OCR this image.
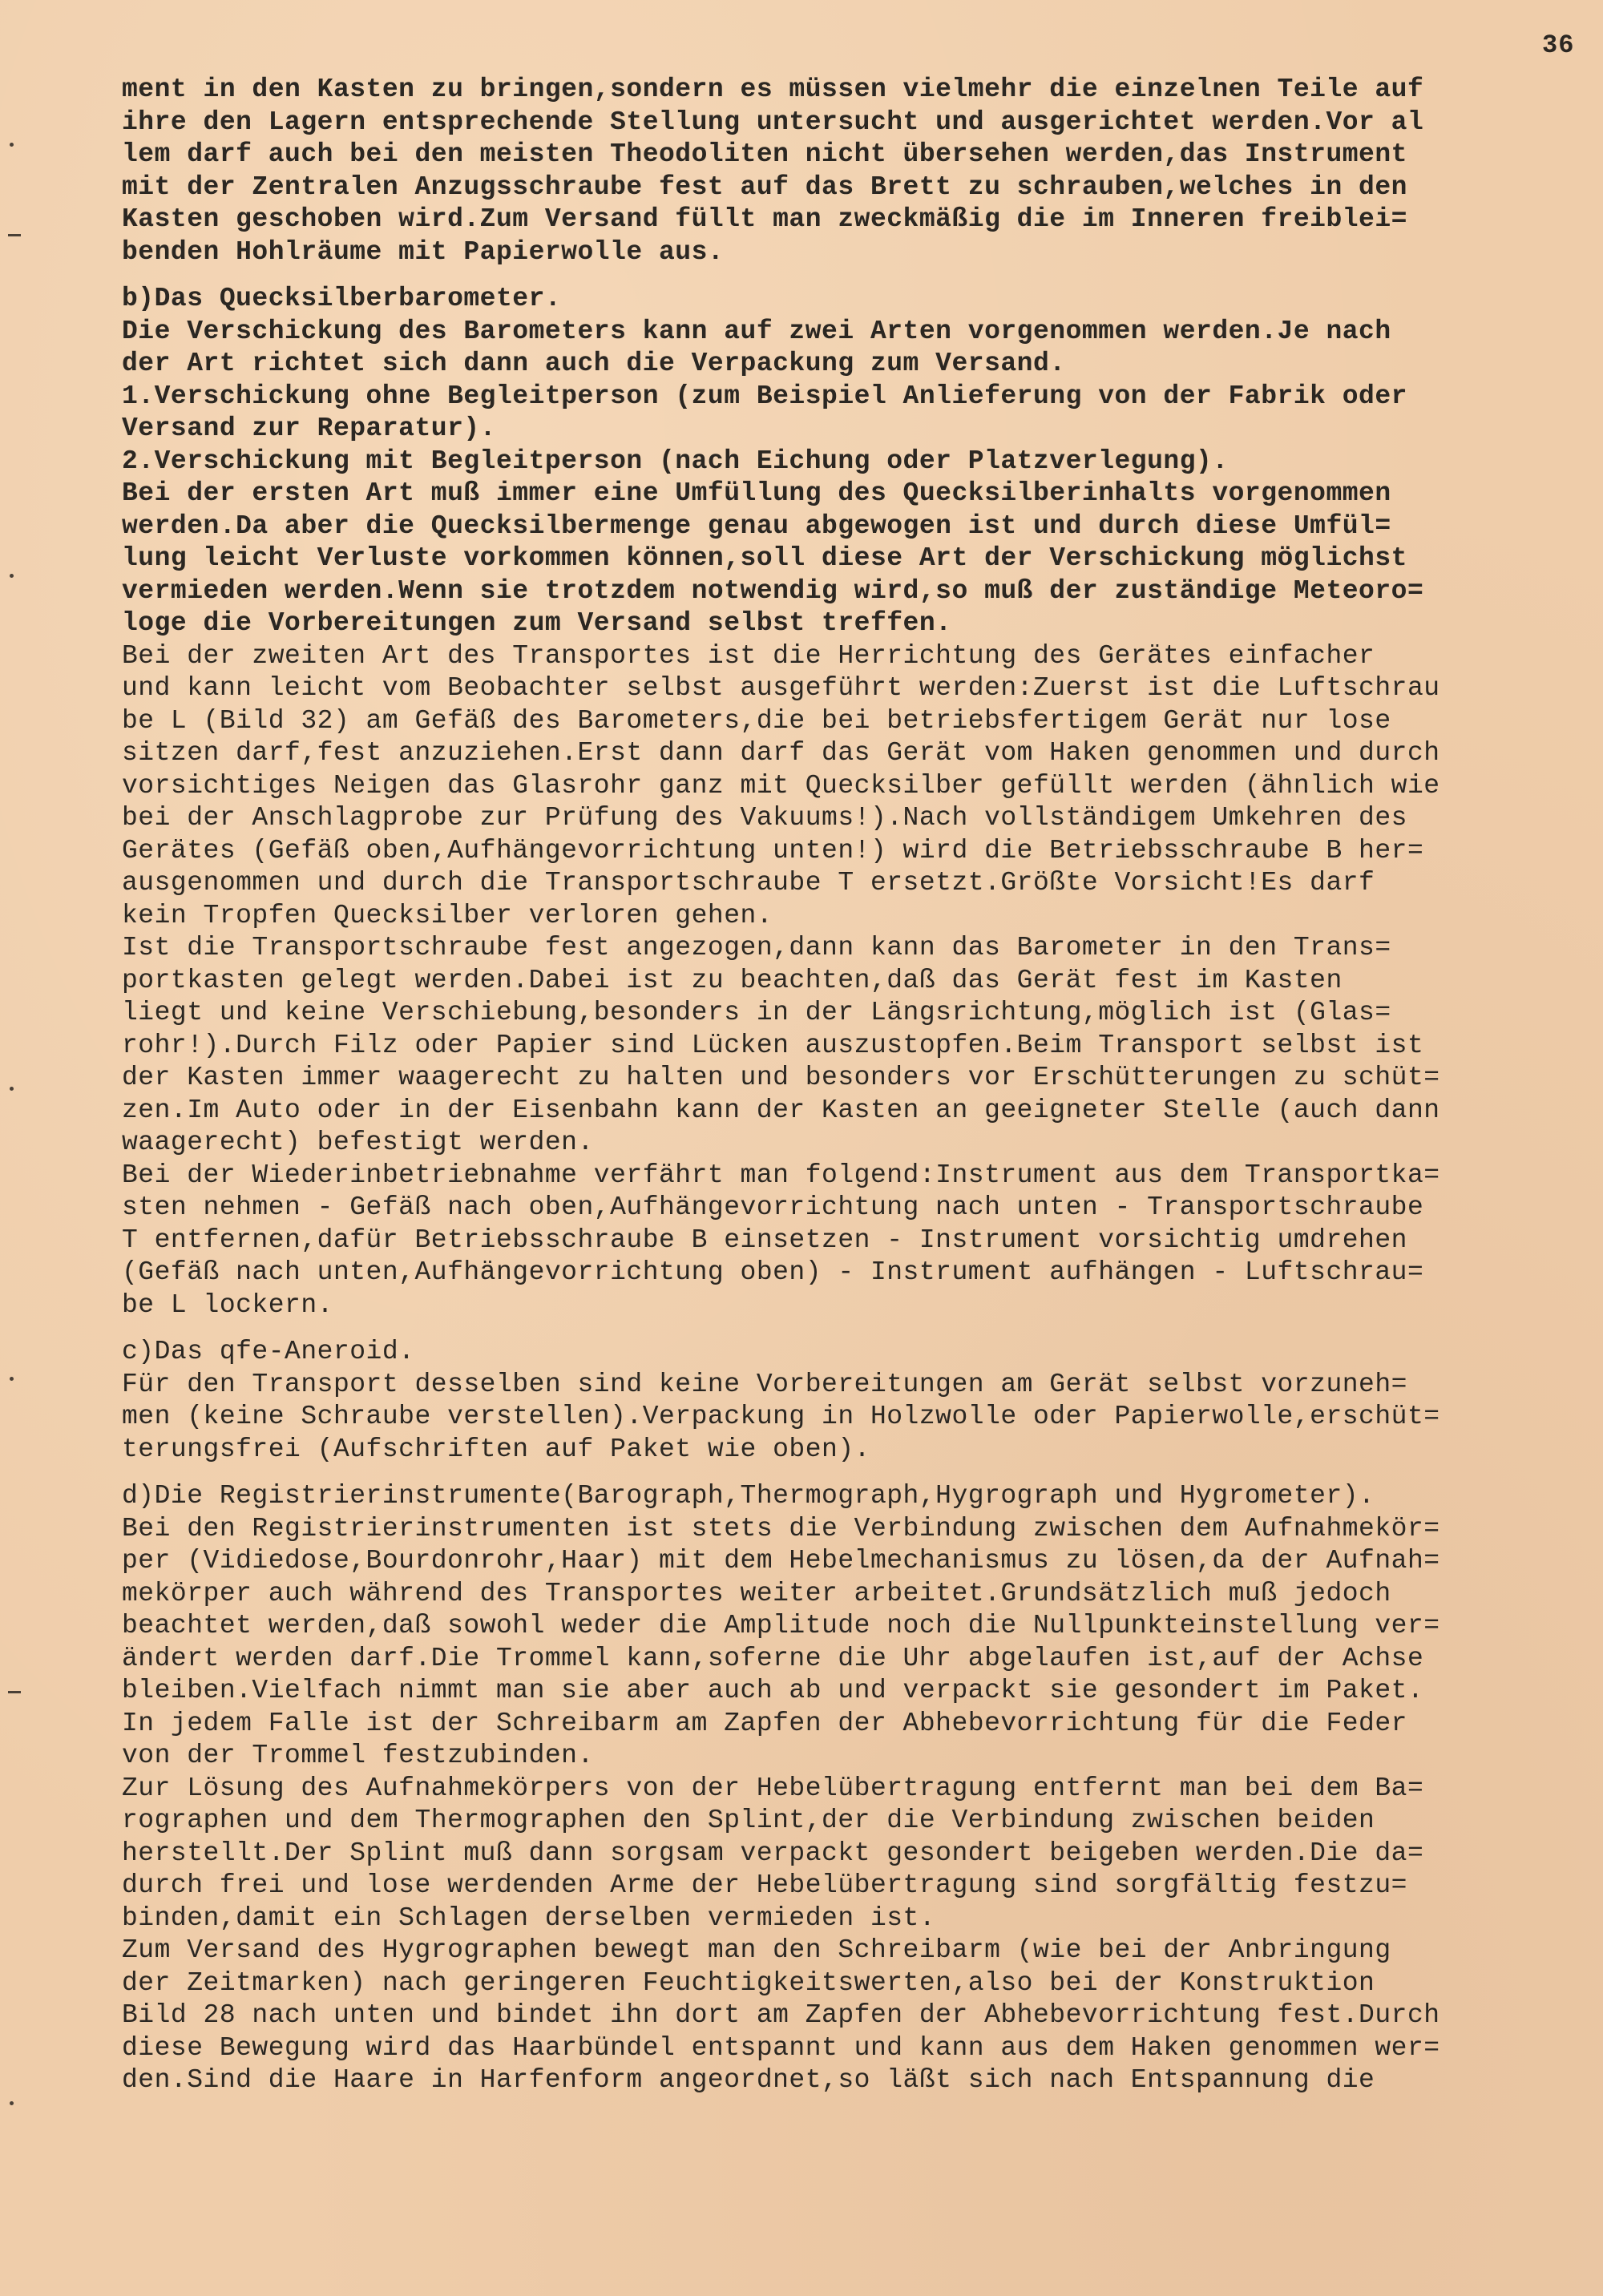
36
ment in den Kasten zu bringen,sondern es müssen vielmehr die einzelnen Teile auf
ihre den Lagern entsprechende Stellung untersucht und ausgerichtet werden.Vor al
lem darf auch bei den meisten Theodoliten nicht übersehen werden,das Instrument
mit der Zentralen Anzugsschraube fest auf das Brett zu schrauben,welches in den
Kasten geschoben wird.Zum Versand füllt man zweckmäßig die im Inneren freiblei=
benden Hohlräume mit Papierwolle aus.
b)Das Quecksilberbarometer.
Die Verschickung des Barometers kann auf zwei Arten vorgenommen werden.Je nach
der Art richtet sich dann auch die Verpackung zum Versand.
1.Verschickung ohne Begleitperson (zum Beispiel Anlieferung von der Fabrik oder
Versand zur Reparatur).
2.Verschickung mit Begleitperson (nach Eichung oder Platzverlegung).
Bei der ersten Art muß immer eine Umfüllung des Quecksilberinhalts vorgenommen
werden.Da aber die Quecksilbermenge genau abgewogen ist und durch diese Umfül=
lung leicht Verluste vorkommen können,soll diese Art der Verschickung möglichst
vermieden werden.Wenn sie trotzdem notwendig wird,so muß der zuständige Meteoro=
loge die Vorbereitungen zum Versand selbst treffen.
Bei der zweiten Art des Transportes ist die Herrichtung des Gerätes einfacher
und kann leicht vom Beobachter selbst ausgeführt werden:Zuerst ist die Luftschrau
be L (Bild 32) am Gefäß des Barometers,die bei betriebsfertigem Gerät nur lose
sitzen darf,fest anzuziehen.Erst dann darf das Gerät vom Haken genommen und durch
vorsichtiges Neigen das Glasrohr ganz mit Quecksilber gefüllt werden (ähnlich wie
bei der Anschlagprobe zur Prüfung des Vakuums!).Nach vollständigem Umkehren des
Gerätes (Gefäß oben,Aufhängevorrichtung unten!) wird die Betriebsschraube B her=
ausgenommen und durch die Transportschraube T ersetzt.Größte Vorsicht!Es darf
kein Tropfen Quecksilber verloren gehen.
Ist die Transportschraube fest angezogen,dann kann das Barometer in den Trans=
portkasten gelegt werden.Dabei ist zu beachten,daß das Gerät fest im Kasten
liegt und keine Verschiebung,besonders in der Längsrichtung,möglich ist (Glas=
rohr!).Durch Filz oder Papier sind Lücken auszustopfen.Beim Transport selbst ist
der Kasten immer waagerecht zu halten und besonders vor Erschütterungen zu schüt=
zen.Im Auto oder in der Eisenbahn kann der Kasten an geeigneter Stelle (auch dann
waagerecht) befestigt werden.
Bei der Wiederinbetriebnahme verfährt man folgend:Instrument aus dem Transportka=
sten nehmen - Gefäß nach oben,Aufhängevorrichtung nach unten - Transportschraube
T entfernen,dafür Betriebsschraube B einsetzen - Instrument vorsichtig umdrehen
(Gefäß nach unten,Aufhängevorrichtung oben) - Instrument aufhängen - Luftschrau=
be L lockern.
c)Das qfe-Aneroid.
Für den Transport desselben sind keine Vorbereitungen am Gerät selbst vorzuneh=
men (keine Schraube verstellen).Verpackung in Holzwolle oder Papierwolle,erschüt=
terungsfrei (Aufschriften auf Paket wie oben).
d)Die Registrierinstrumente(Barograph,Thermograph,Hygrograph und Hygrometer).
Bei den Registrierinstrumenten ist stets die Verbindung zwischen dem Aufnahmekör=
per (Vidiedose,Bourdonrohr,Haar) mit dem Hebelmechanismus zu lösen,da der Aufnah=
mekörper auch während des Transportes weiter arbeitet.Grundsätzlich muß jedoch
beachtet werden,daß sowohl weder die Amplitude noch die Nullpunkteinstellung ver=
ändert werden darf.Die Trommel kann,soferne die Uhr abgelaufen ist,auf der Achse
bleiben.Vielfach nimmt man sie aber auch ab und verpackt sie gesondert im Paket.
In jedem Falle ist der Schreibarm am Zapfen der Abhebevorrichtung für die Feder
von der Trommel festzubinden.
Zur Lösung des Aufnahmekörpers von der Hebelübertragung entfernt man bei dem Ba=
rographen und dem Thermographen den Splint,der die Verbindung zwischen beiden
herstellt.Der Splint muß dann sorgsam verpackt gesondert beigeben werden.Die da=
durch frei und lose werdenden Arme der Hebelübertragung sind sorgfältig festzu=
binden,damit ein Schlagen derselben vermieden ist.
Zum Versand des Hygrographen bewegt man den Schreibarm (wie bei der Anbringung
der Zeitmarken) nach geringeren Feuchtigkeitswerten,also bei der Konstruktion
Bild 28 nach unten und bindet ihn dort am Zapfen der Abhebevorrichtung fest.Durch
diese Bewegung wird das Haarbündel entspannt und kann aus dem Haken genommen wer=
den.Sind die Haare in Harfenform angeordnet,so läßt sich nach Entspannung die
